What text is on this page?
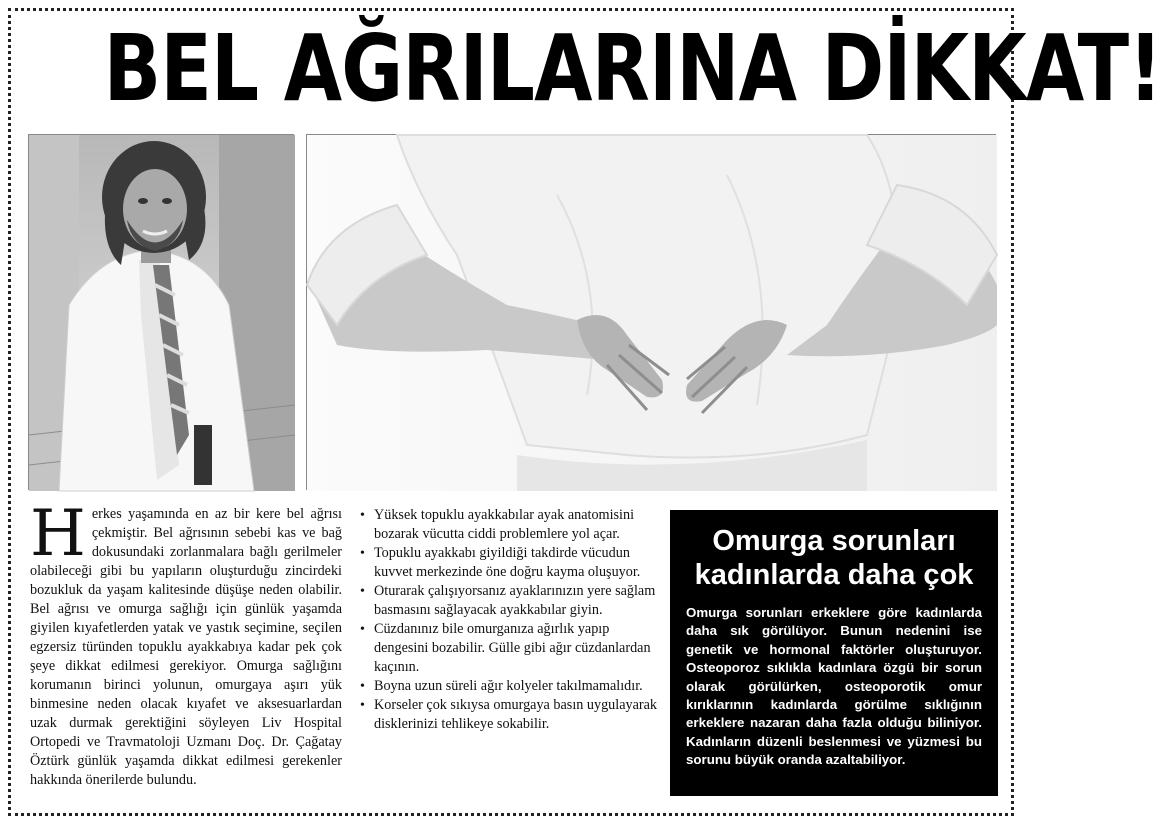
BEL AĞRILARINA DİKKAT!
Herkes yaşamında en az bir kere bel ağrısı çekmiştir. Bel ağrısının sebebi kas ve bağ dokusundaki zorlanmalara bağlı gerilmeler olabileceği gibi bu yapıların oluşturduğu zincirdeki bozukluk da yaşam kalitesinde düşüşe neden olabilir. Bel ağrısı ve omurga sağlığı için günlük yaşamda giyilen kıyafetlerden yatak ve yastık seçimine, seçilen egzersiz türünden topuklu ayakkabıya kadar pek çok şeye dikkat edilmesi gerekiyor. Omurga sağlığını korumanın birinci yolunun, omurgaya aşırı yük binmesine neden olacak kıyafet ve aksesuarlardan uzak durmak gerektiğini söyleyen Liv Hospital Ortopedi ve Travmatoloji Uzmanı Doç. Dr. Çağatay Öztürk günlük yaşamda dikkat edilmesi gerekenler hakkında önerilerde bulundu.
• Yüksek topuklu ayakkabılar ayak anatomisini bozarak vücutta ciddi problemlere yol açar.
• Topuklu ayakkabı giyildiği takdirde vücudun kuvvet merkezinde öne doğru kayma oluşuyor.
• Oturarak çalışıyorsanız ayaklarınızın yere sağlam basmasını sağlayacak ayakkabılar giyin.
• Cüzdanınız bile omurganıza ağırlık yapıp dengesini bozabilir. Gülle gibi ağır cüzdanlardan kaçının.
• Boyna uzun süreli ağır kolyeler takılmamalıdır.
• Korseler çok sıkıysa omurgaya basın uygulayarak disklerinizi tehlikeye sokabilir.
Omurga sorunları kadınlarda daha çok
Omurga sorunları erkeklere göre kadınlarda daha sık görülüyor. Bunun nedenini ise genetik ve hormonal faktörler oluşturuyor. Osteoporoz sıklıkla kadınlara özgü bir sorun olarak görülürken, osteoporotik omur kırıklarının kadınlarda görülme sıklığının erkeklere nazaran daha fazla olduğu biliniyor. Kadınların düzenli beslenmesi ve yüzmesi bu sorunu büyük oranda azaltabiliyor.
